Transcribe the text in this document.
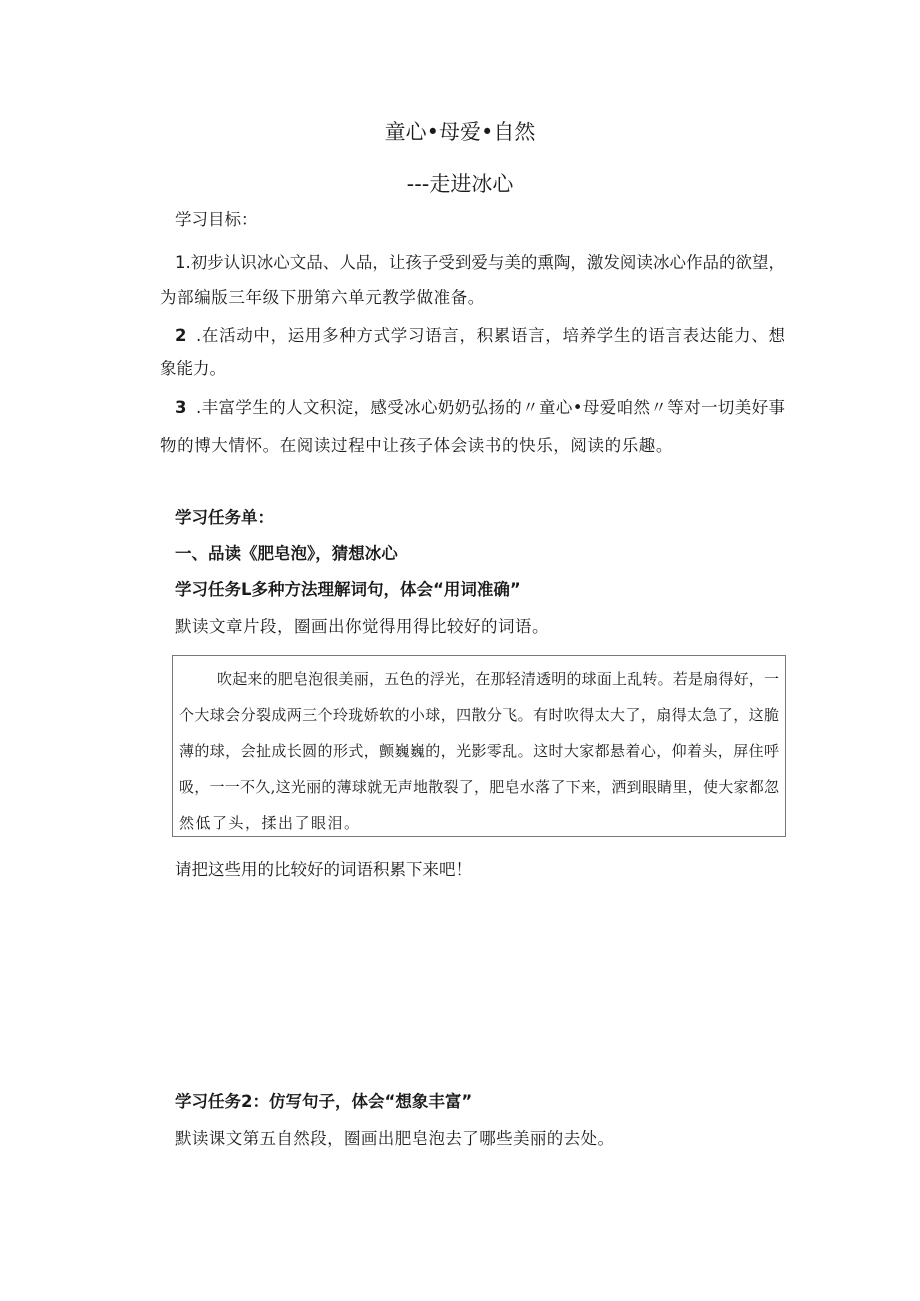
童心•母爱•自然
---走进冰心
学习目标：
1.初步认识冰心文品、人品，让孩子受到爱与美的熏陶，激发阅读冰心作品的欲望，
为部编版三年级下册第六单元教学做准备。
2 .在活动中，运用多种方式学习语言，积累语言，培养学生的语言表达能力、想
象能力。
3 .丰富学生的人文积淀，感受冰心奶奶弘扬的〃童心•母爱咱然〃等对一切美好事
物的博大情怀。在阅读过程中让孩子体会读书的快乐，阅读的乐趣。
学习任务单：
一、品读《肥皂泡》，猜想冰心
学习任务L多种方法理解词句，体会“用词准确”
默读文章片段，圈画出你觉得用得比较好的词语。
吹起来的肥皂泡很美丽，五色的浮光，在那轻清透明的球面上乱转。若是扇得好，一
个大球会分裂成两三个玲珑娇软的小球，四散分飞。有时吹得太大了，扇得太急了，这脆
薄的球，会扯成长圆的形式，颤巍巍的，光影零乱。这时大家都悬着心，仰着头，屏住呼
吸，一一不久,这光丽的薄球就无声地散裂了，肥皂水落了下来，洒到眼睛里，使大家都忽
然低了头，揉出了眼泪。
请把这些用的比较好的词语积累下来吧！
学习任务2：仿写句子，体会“想象丰富”
默读课文第五自然段，圈画出肥皂泡去了哪些美丽的去处。
